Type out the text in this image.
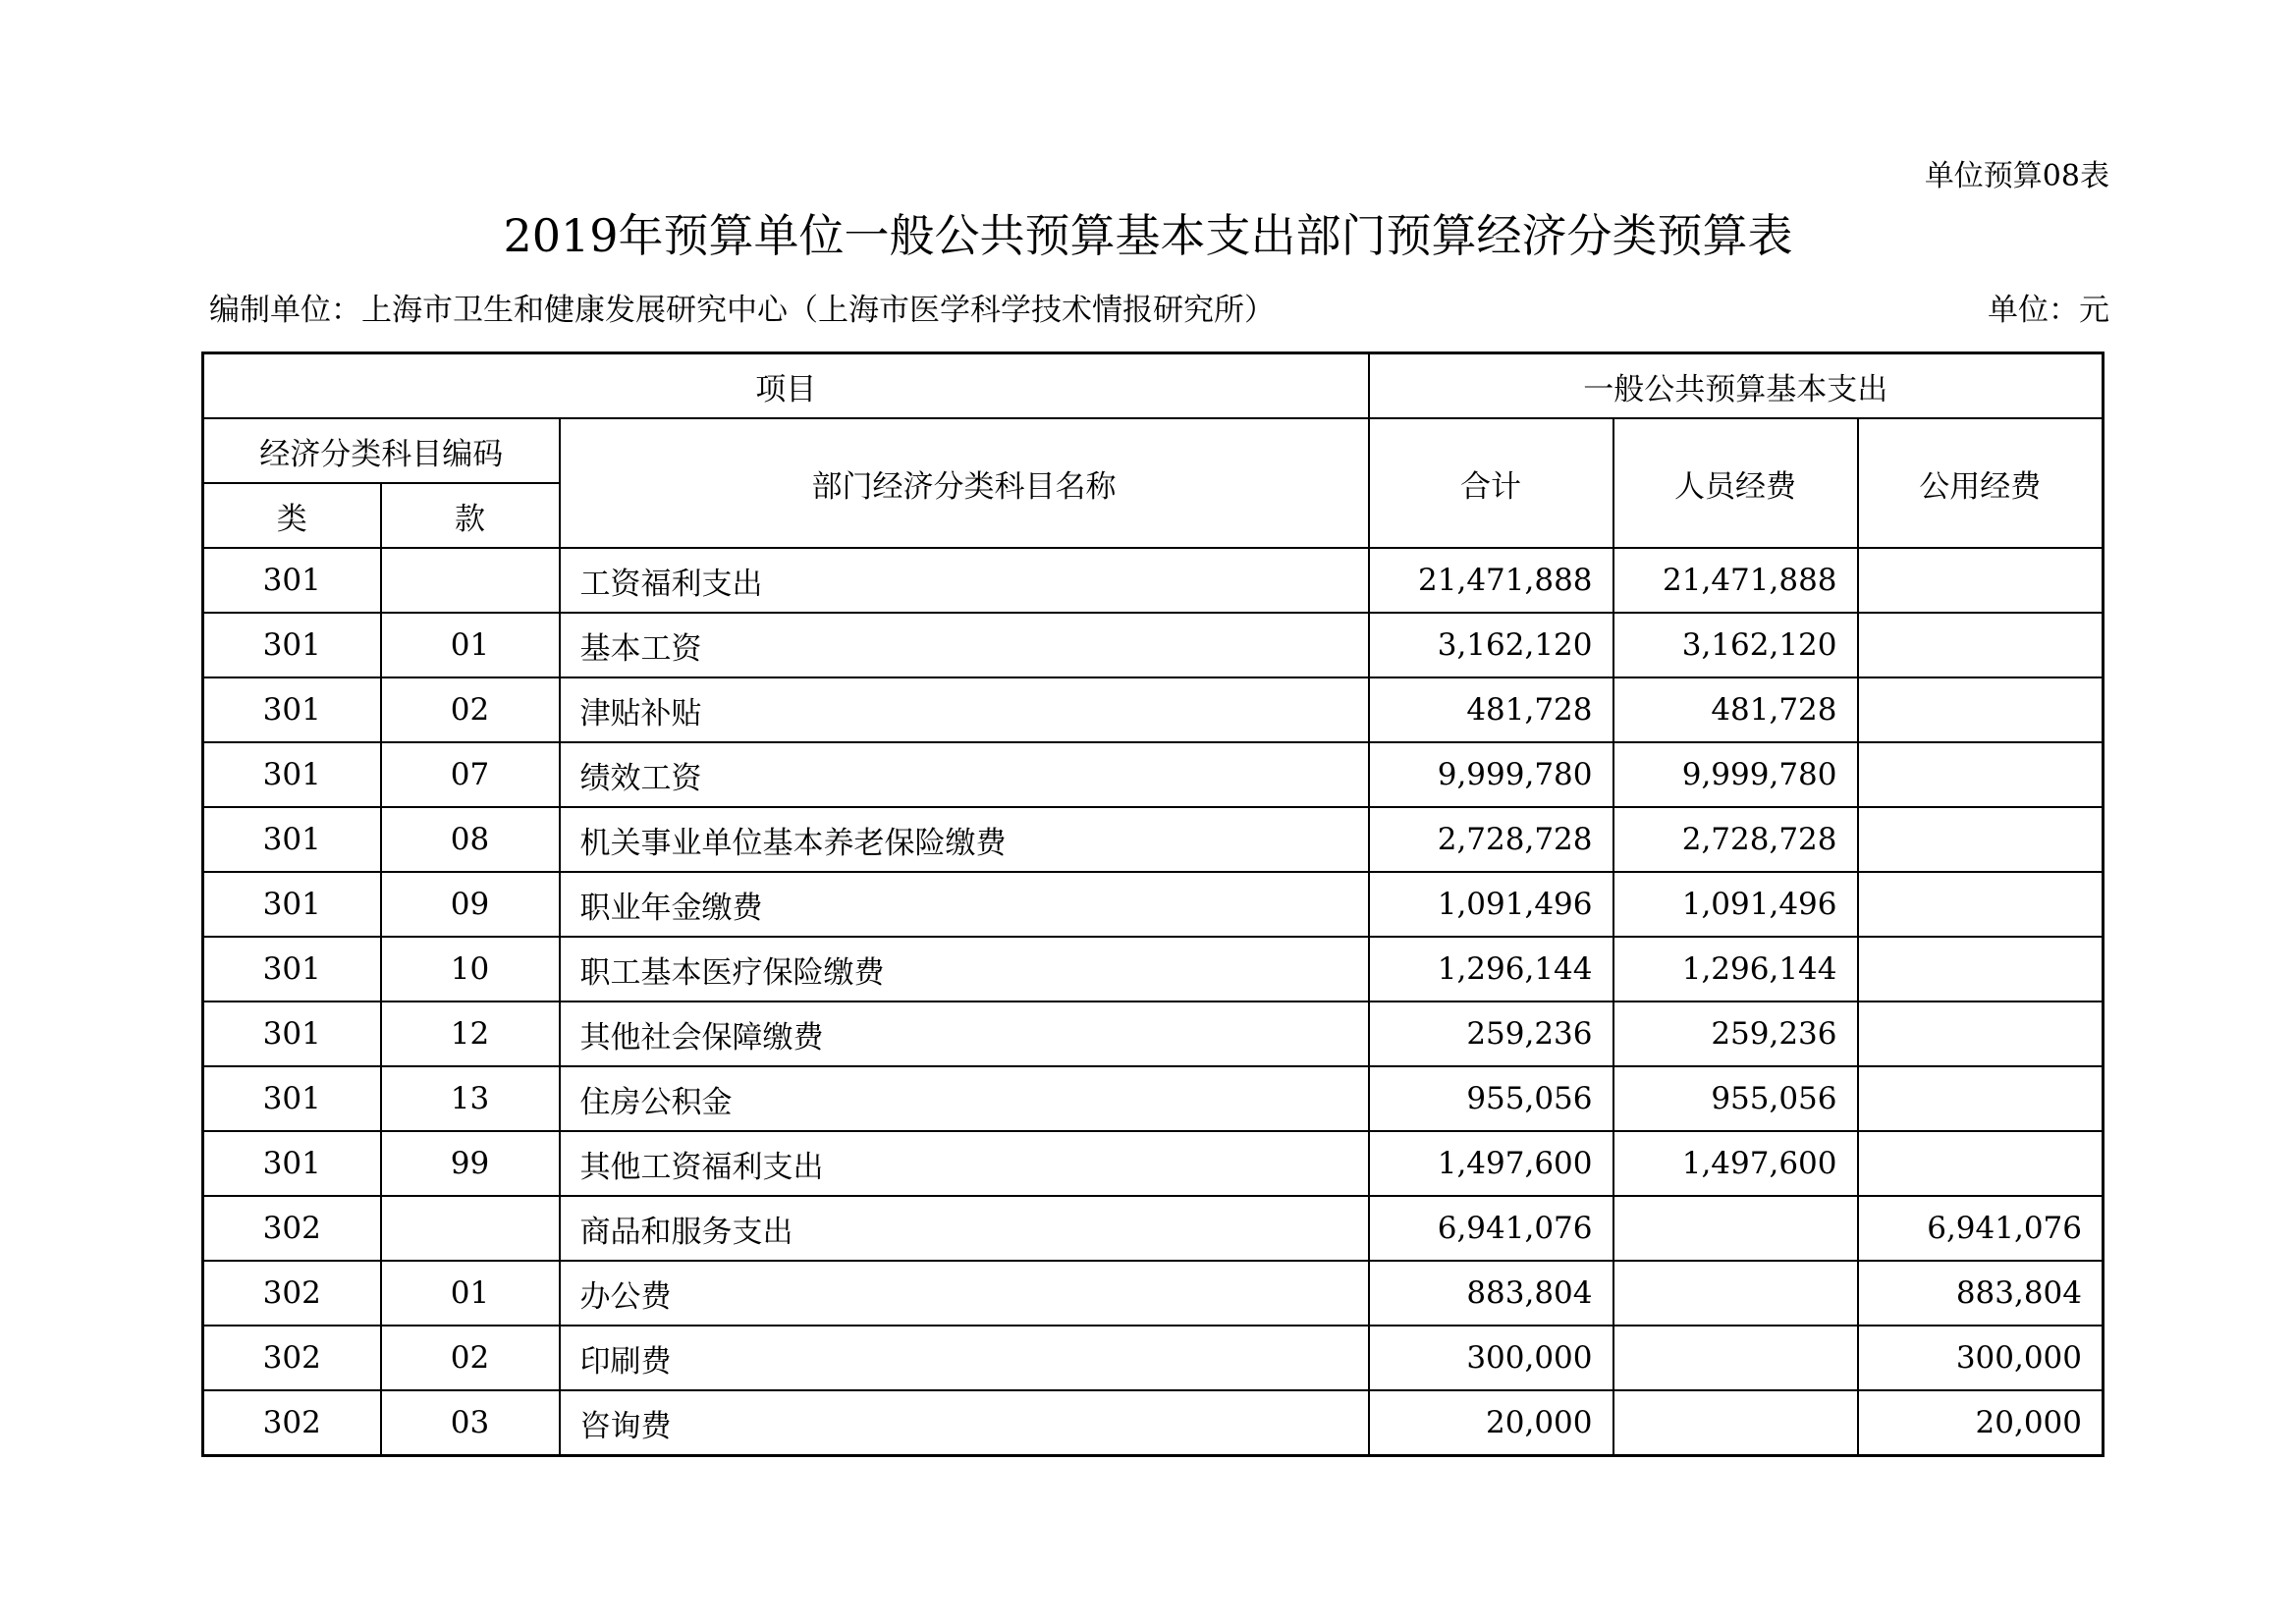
单位预算08表
2019年预算单位一般公共预算基本支出部门预算经济分类预算表
编制单位：上海市卫生和健康发展研究中心（上海市医学科学技术情报研究所）	单位：元
项目			一般公共预算基本支出		
经济分类科目编码		部门经济分类科目名称	合计	人员经费	公用经费
类	款				
301		工资福利支出	21,471,888	21,471,888	
301	01	基本工资	3,162,120	3,162,120	
301	02	津贴补贴	481,728	481,728	
301	07	绩效工资	9,999,780	9,999,780	
301	08	机关事业单位基本养老保险缴费	2,728,728	2,728,728	
301	09	职业年金缴费	1,091,496	1,091,496	
301	10	职工基本医疗保险缴费	1,296,144	1,296,144	
301	12	其他社会保障缴费	259,236	259,236	
301	13	住房公积金	955,056	955,056	
301	99	其他工资福利支出	1,497,600	1,497,600	
302		商品和服务支出	6,941,076		6,941,076
302	01	办公费	883,804		883,804
302	02	印刷费	300,000		300,000
302	03	咨询费	20,000		20,000
